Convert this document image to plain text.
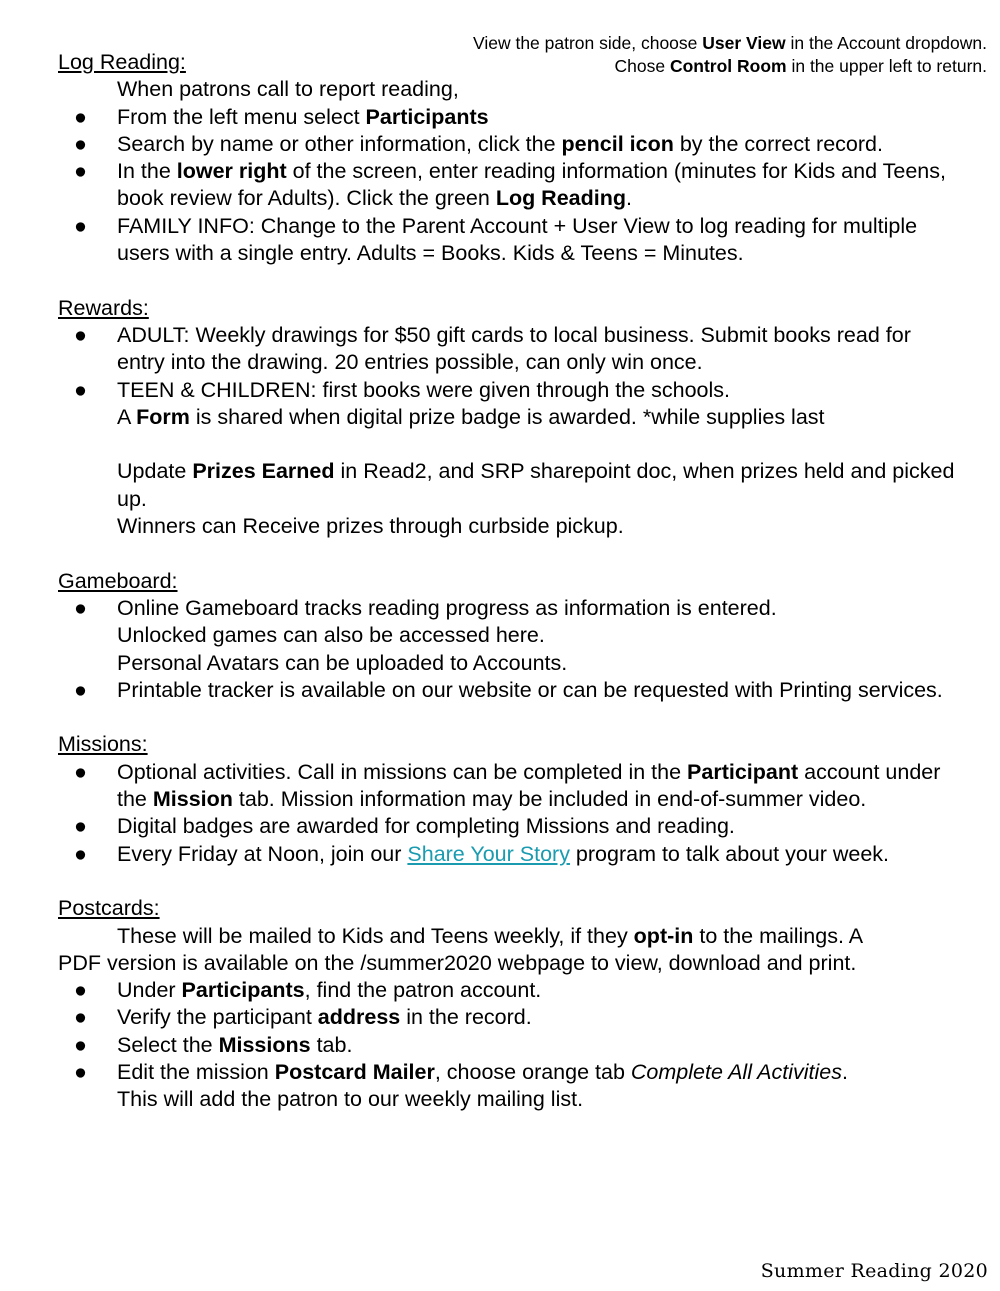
View the patron side, choose User View in the Account dropdown.
Chose Control Room in the upper left to return.
Log Reading:
When patrons call to report reading,
● From the left menu select Participants
● Search by name or other information, click the pencil icon by the correct record.
● In the lower right of the screen, enter reading information (minutes for Kids and Teens, book review for Adults). Click the green Log Reading.
● FAMILY INFO: Change to the Parent Account + User View to log reading for multiple users with a single entry. Adults = Books. Kids & Teens = Minutes.
Rewards:
● ADULT: Weekly drawings for $50 gift cards to local business. Submit books read for entry into the drawing. 20 entries possible, can only win once.
● TEEN & CHILDREN: first books were given through the schools.
A Form is shared when digital prize badge is awarded. *while supplies last
Update Prizes Earned in Read2, and SRP sharepoint doc, when prizes held and picked up.
Winners can Receive prizes through curbside pickup.
Gameboard:
● Online Gameboard tracks reading progress as information is entered.
Unlocked games can also be accessed here.
Personal Avatars can be uploaded to Accounts.
● Printable tracker is available on our website or can be requested with Printing services.
Missions:
● Optional activities. Call in missions can be completed in the Participant account under the Mission tab. Mission information may be included in end-of-summer video.
● Digital badges are awarded for completing Missions and reading.
● Every Friday at Noon, join our Share Your Story program to talk about your week.
Postcards:
These will be mailed to Kids and Teens weekly, if they opt-in to the mailings. A
PDF version is available on the /summer2020 webpage to view, download and print.
● Under Participants, find the patron account.
● Verify the participant address in the record.
● Select the Missions tab.
● Edit the mission Postcard Mailer, choose orange tab Complete All Activities.
This will add the patron to our weekly mailing list.
Summer Reading 2020
